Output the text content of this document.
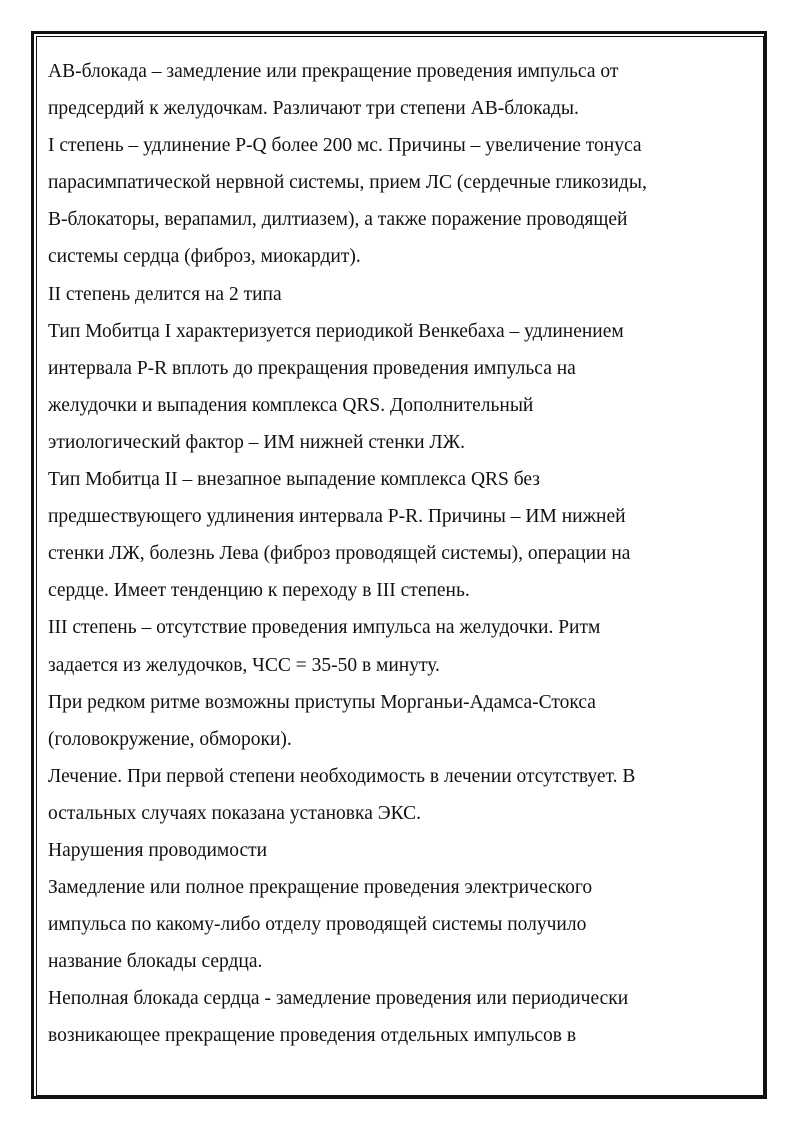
АВ-блокада – замедление или прекращение проведения импульса от
предсердий к желудочкам. Различают три степени АВ-блокады.
I степень – удлинение P-Q более 200 мс. Причины – увеличение тонуса
парасимпатической нервной системы, прием ЛС (сердечные гликозиды,
В-блокаторы, верапамил, дилтиазем), а также поражение проводящей
системы сердца (фиброз, миокардит).
II степень делится на 2 типа
Тип Мобитца I характеризуется периодикой Венкебаха – удлинением
интервала P-R вплоть до прекращения проведения импульса на
желудочки и выпадения комплекса QRS. Дополнительный
этиологический фактор – ИМ нижней стенки ЛЖ.
Тип Мобитца II – внезапное выпадение комплекса QRS без
предшествующего удлинения интервала P-R. Причины – ИМ нижней
стенки ЛЖ, болезнь Лева (фиброз проводящей системы), операции на
сердце. Имеет тенденцию к переходу в III степень.
III степень – отсутствие проведения импульса на желудочки. Ритм
задается из желудочков, ЧСС = 35-50 в минуту.
При редком ритме возможны приступы Морганьи-Адамса-Стокса
(головокружение, обмороки).
Лечение. При первой степени необходимость в лечении отсутствует. В
остальных случаях показана установка ЭКС.
Нарушения проводимости
Замедление или полное прекращение проведения электрического
импульса по какому-либо отделу проводящей системы получило
название блокады сердца.
Неполная блокада сердца - замедление проведения или периодически
возникающее прекращение проведения отдельных импульсов в
